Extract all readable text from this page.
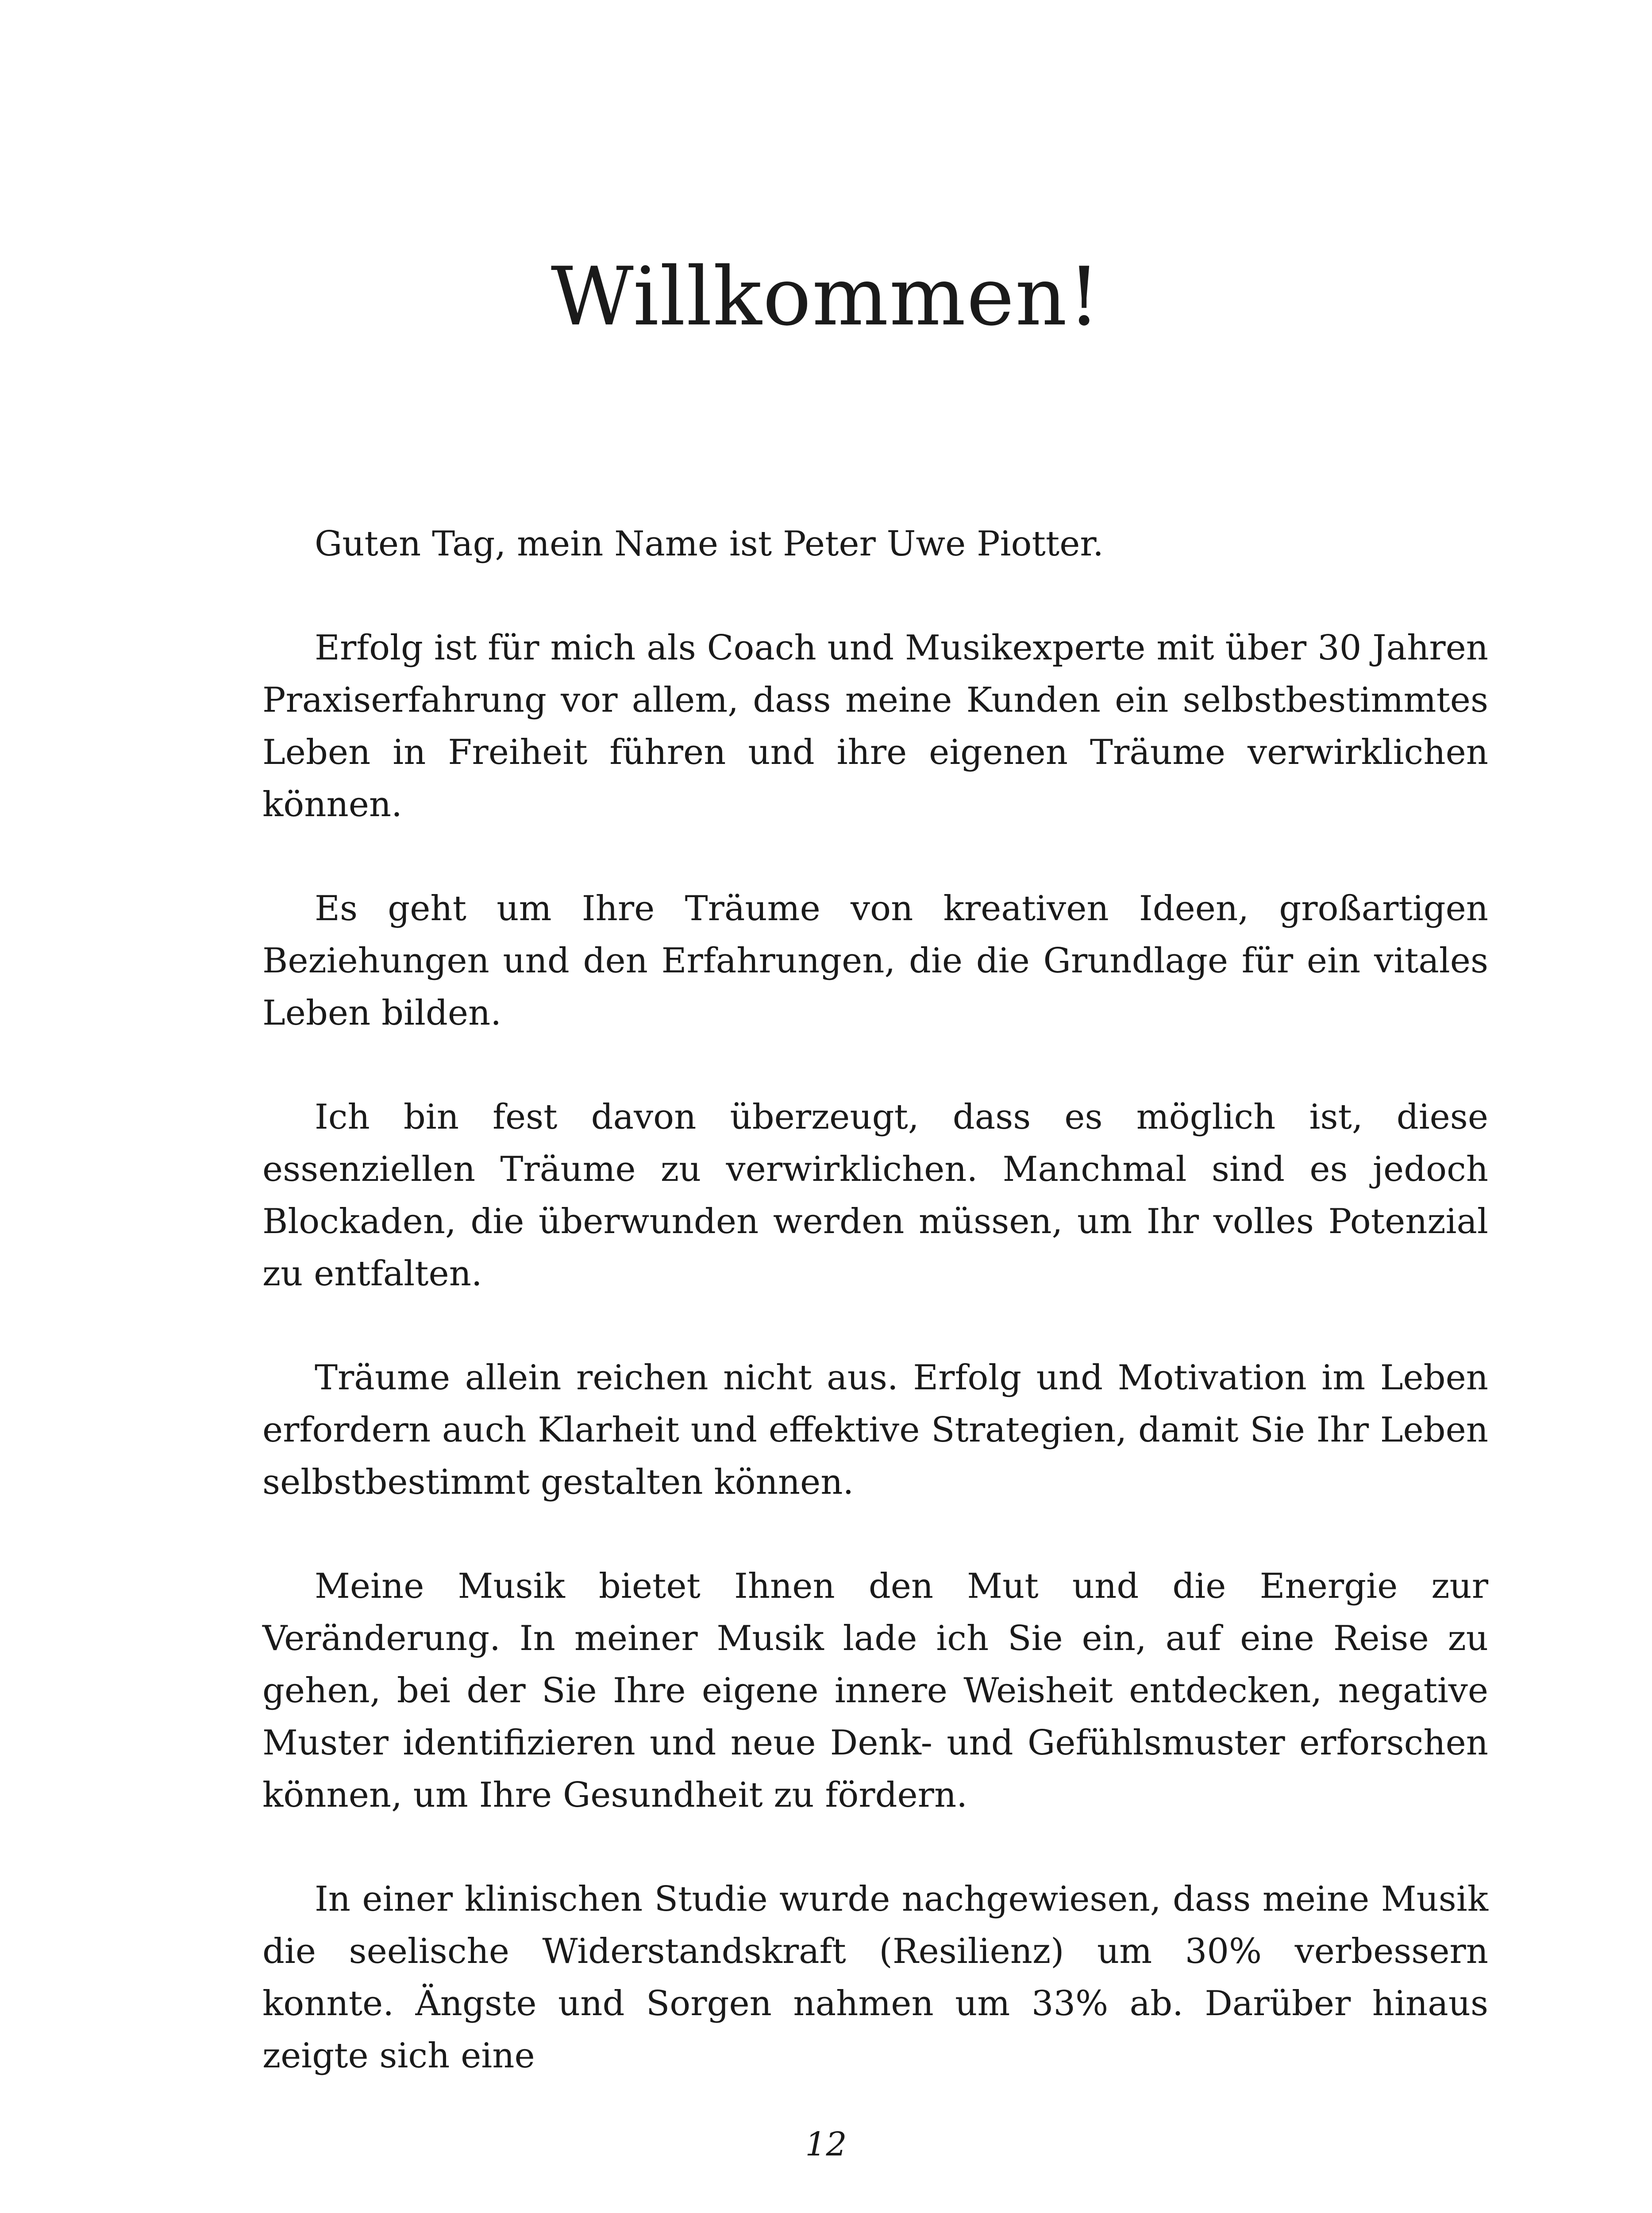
Willkommen!

Guten Tag, mein Name ist Peter Uwe Piotter.

Erfolg ist für mich als Coach und Musikexperte mit über 30 Jahren Praxiserfahrung vor allem, dass meine Kunden ein selbstbestimmtes Leben in Freiheit führen und ihre eigenen Träume verwirklichen können.

Es geht um Ihre Träume von kreativen Ideen, großartigen Beziehungen und den Erfahrungen, die die Grundlage für ein vitales Leben bilden.

Ich bin fest davon überzeugt, dass es möglich ist, diese essenziellen Träume zu verwirklichen. Manchmal sind es jedoch Blockaden, die überwunden werden müssen, um Ihr volles Potenzial zu entfalten.

Träume allein reichen nicht aus. Erfolg und Motivation im Leben erfordern auch Klarheit und effektive Strategien, damit Sie Ihr Leben selbstbestimmt gestalten können.

Meine Musik bietet Ihnen den Mut und die Energie zur Veränderung. In meiner Musik lade ich Sie ein, auf eine Reise zu gehen, bei der Sie Ihre eigene innere Weisheit entdecken, negative Muster identifizieren und neue Denk- und Gefühlsmuster erforschen können, um Ihre Gesundheit zu fördern.

In einer klinischen Studie wurde nachgewiesen, dass meine Musik die seelische Widerstandskraft (Resilienz) um 30% verbessern konnte. Ängste und Sorgen nahmen um 33% ab. Darüber hinaus zeigte sich eine

12
